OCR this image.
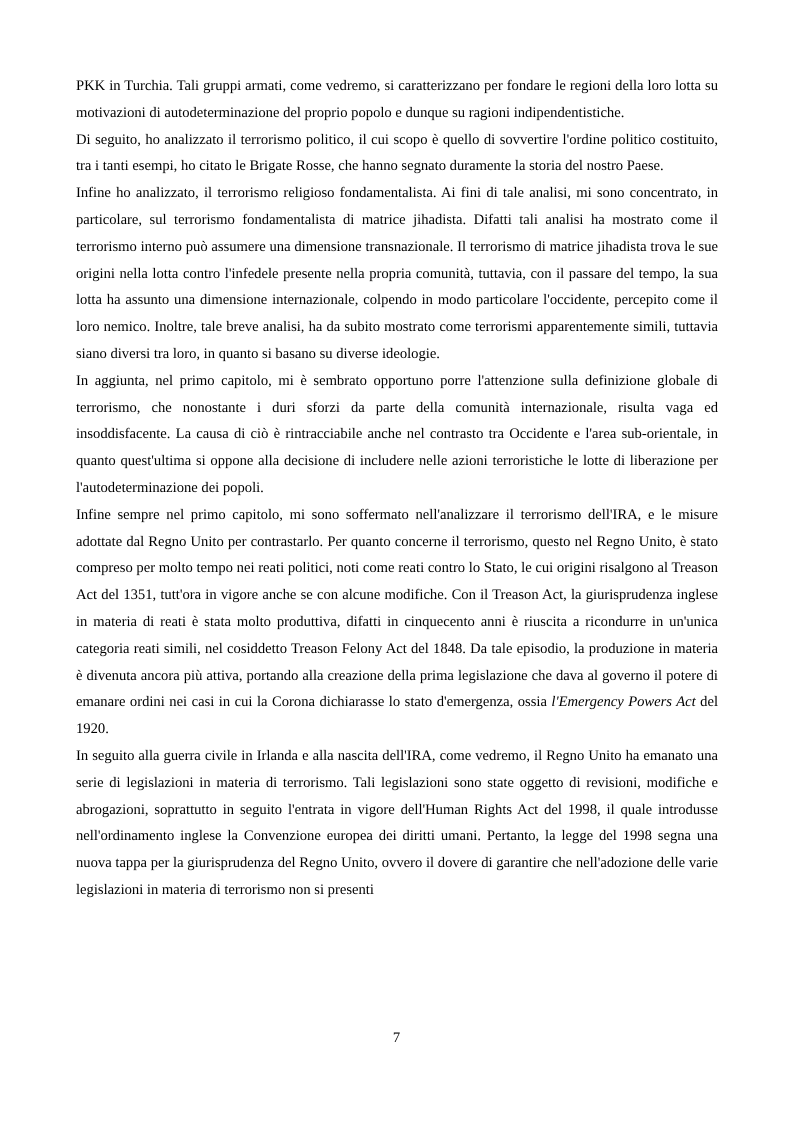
PKK in Turchia. Tali gruppi armati, come vedremo, si caratterizzano per fondare le regioni della loro lotta su motivazioni di autodeterminazione del proprio popolo e dunque su ragioni indipendentistiche.

Di seguito, ho analizzato il terrorismo politico, il cui scopo è quello di sovvertire l'ordine politico costituito, tra i tanti esempi, ho citato le Brigate Rosse, che hanno segnato duramente la storia del nostro Paese.

Infine ho analizzato, il terrorismo religioso fondamentalista. Ai fini di tale analisi, mi sono concentrato, in particolare, sul terrorismo fondamentalista di matrice jihadista. Difatti tali analisi ha mostrato come il terrorismo interno può assumere una dimensione transnazionale. Il terrorismo di matrice jihadista trova le sue origini nella lotta contro l'infedele presente nella propria comunità, tuttavia, con il passare del tempo, la sua lotta ha assunto una dimensione internazionale, colpendo in modo particolare l'occidente, percepito come il loro nemico. Inoltre, tale breve analisi, ha da subito mostrato come terrorismi apparentemente simili, tuttavia siano diversi tra loro, in quanto si basano su diverse ideologie.

In aggiunta, nel primo capitolo, mi è sembrato opportuno porre l'attenzione sulla definizione globale di terrorismo, che nonostante i duri sforzi da parte della comunità internazionale, risulta vaga ed insoddisfacente. La causa di ciò è rintracciabile anche nel contrasto tra Occidente e l'area sub-orientale, in quanto quest'ultima si oppone alla decisione di includere nelle azioni terroristiche le lotte di liberazione per l'autodeterminazione dei popoli.

Infine sempre nel primo capitolo, mi sono soffermato nell'analizzare il terrorismo dell'IRA, e le misure adottate dal Regno Unito per contrastarlo. Per quanto concerne il terrorismo, questo nel Regno Unito, è stato compreso per molto tempo nei reati politici, noti come reati contro lo Stato, le cui origini risalgono al Treason Act del 1351, tutt'ora in vigore anche se con alcune modifiche. Con il Treason Act, la giurisprudenza inglese in materia di reati è stata molto produttiva, difatti in cinquecento anni è riuscita a ricondurre in un'unica categoria reati simili, nel cosiddetto Treason Felony Act del 1848. Da tale episodio, la produzione in materia è divenuta ancora più attiva, portando alla creazione della prima legislazione che dava al governo il potere di emanare ordini nei casi in cui la Corona dichiarasse lo stato d'emergenza, ossia l'Emergency Powers Act del 1920.

In seguito alla guerra civile in Irlanda e alla nascita dell'IRA, come vedremo, il Regno Unito ha emanato una serie di legislazioni in materia di terrorismo. Tali legislazioni sono state oggetto di revisioni, modifiche e abrogazioni, soprattutto in seguito l'entrata in vigore dell'Human Rights Act del 1998, il quale introdusse nell'ordinamento inglese la Convenzione europea dei diritti umani. Pertanto, la legge del 1998 segna una nuova tappa per la giurisprudenza del Regno Unito, ovvero il dovere di garantire che nell'adozione delle varie legislazioni in materia di terrorismo non si presenti

7
